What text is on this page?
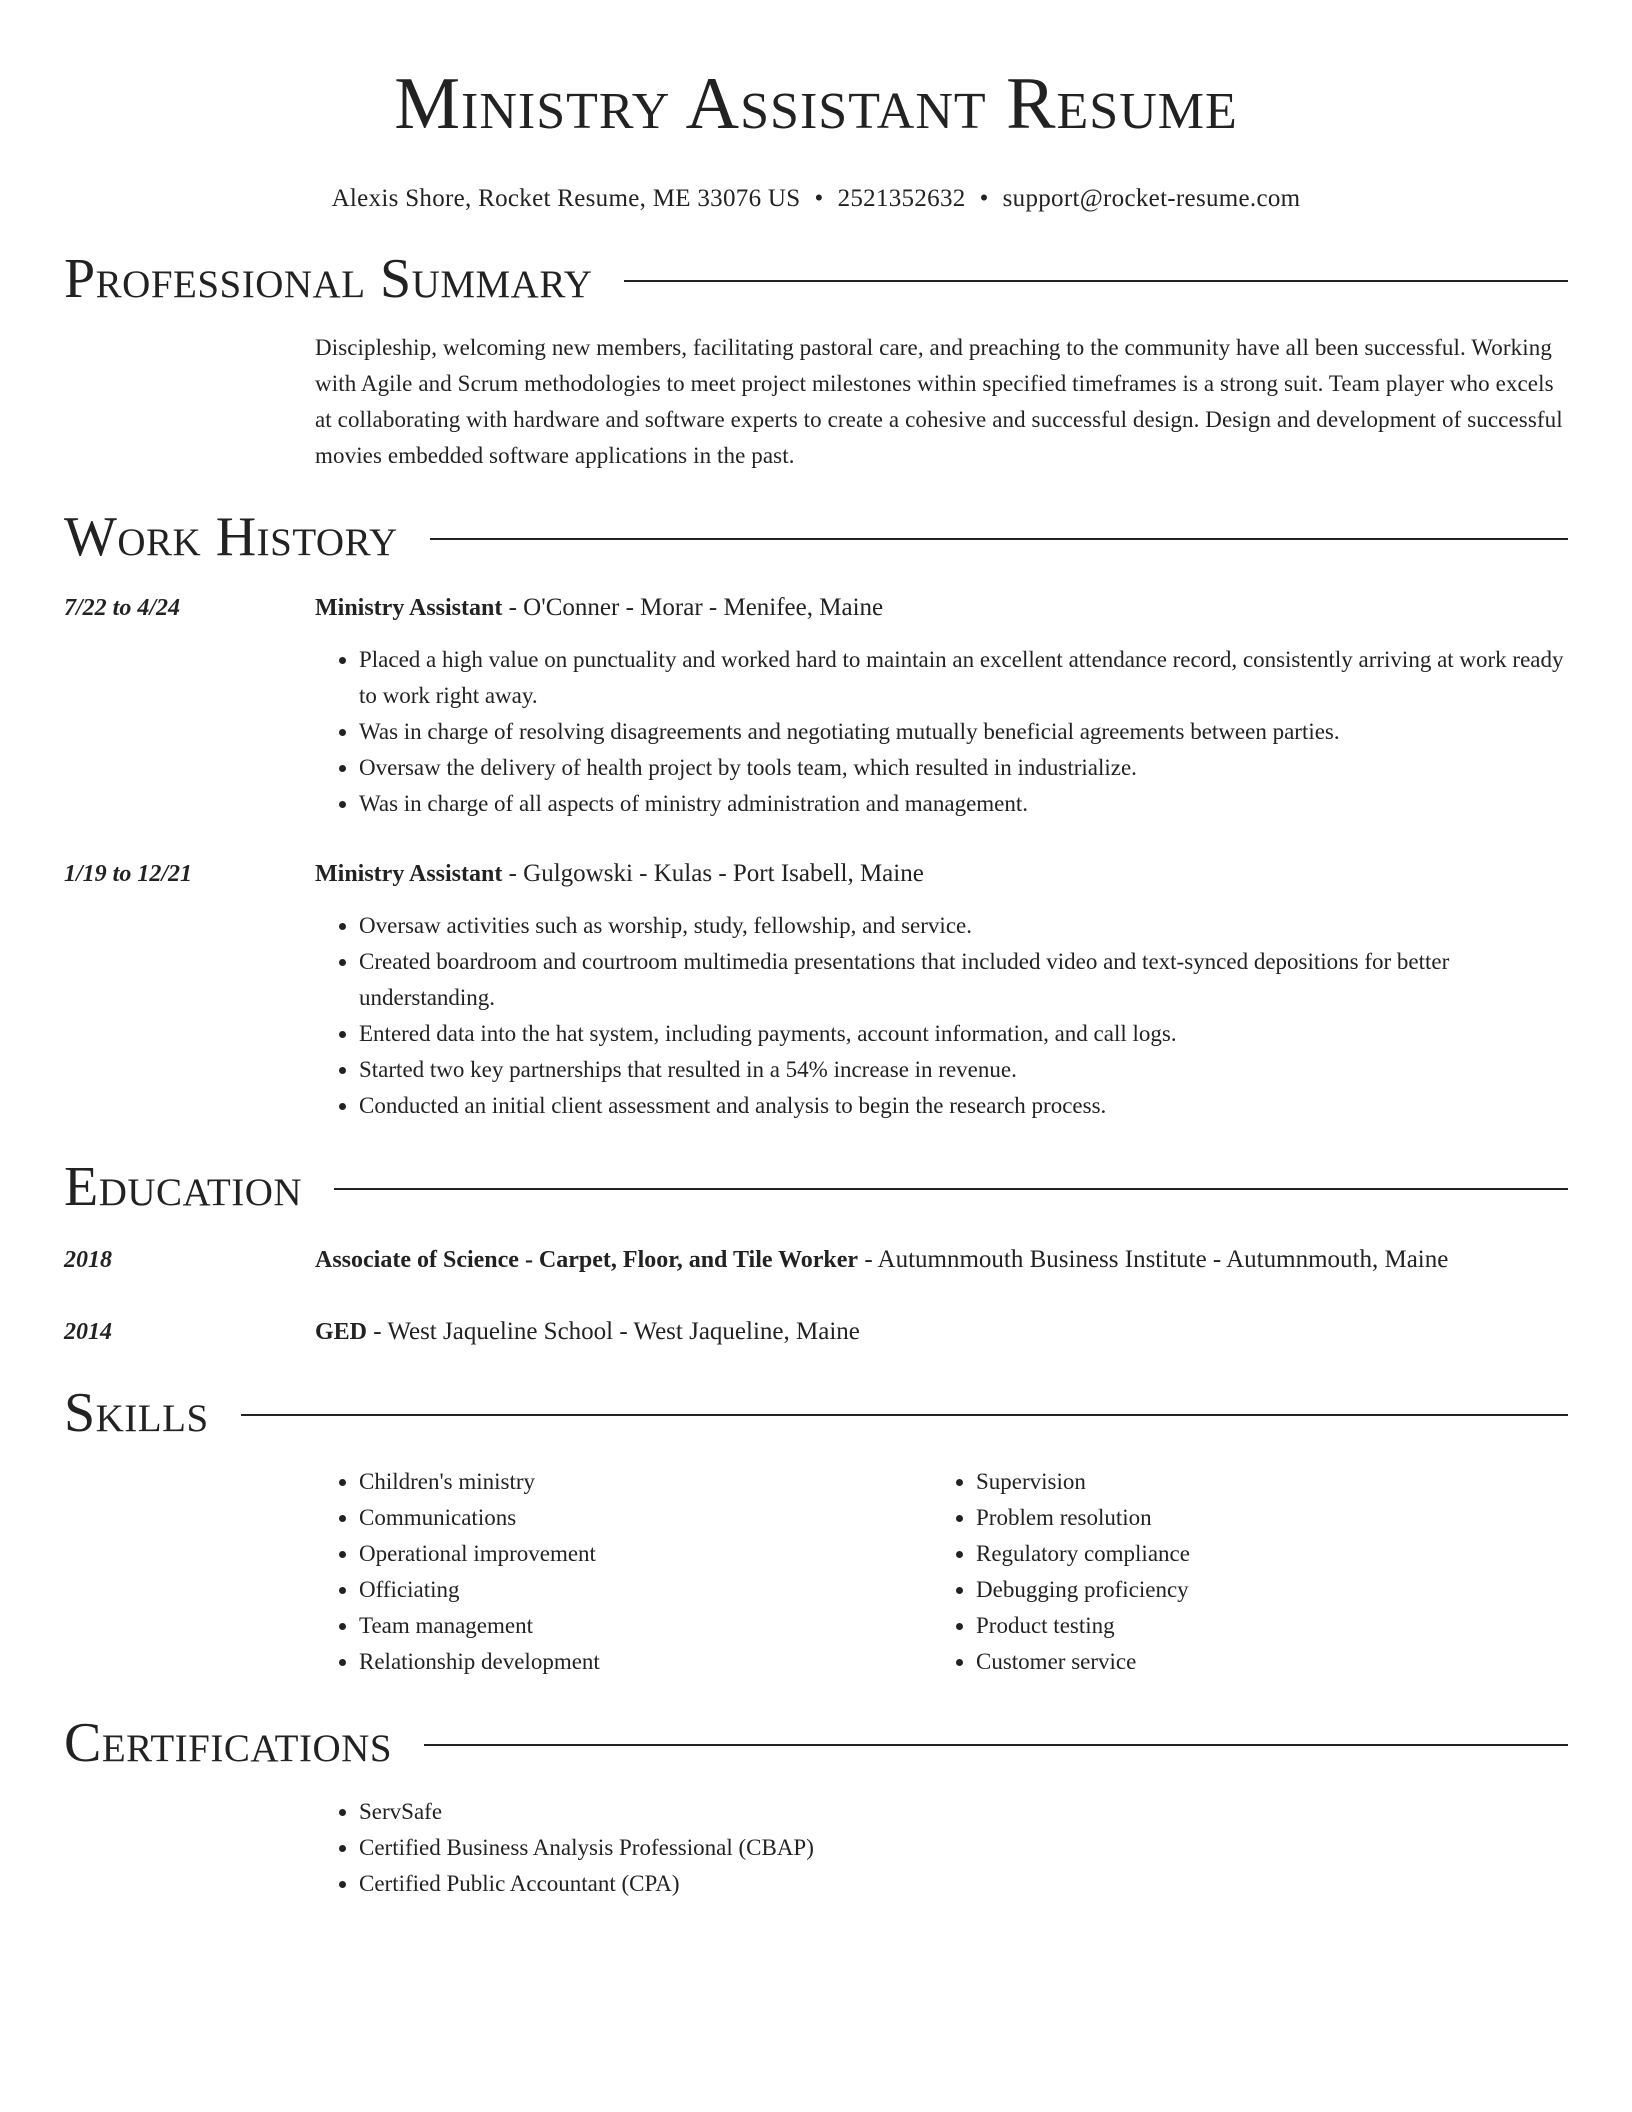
Ministry Assistant Resume
Alexis Shore, Rocket Resume, ME 33076 US • 2521352632 • support@rocket-resume.com
Professional Summary
Discipleship, welcoming new members, facilitating pastoral care, and preaching to the community have all been successful. Working with Agile and Scrum methodologies to meet project milestones within specified timeframes is a strong suit. Team player who excels at collaborating with hardware and software experts to create a cohesive and successful design. Design and development of successful movies embedded software applications in the past.
Work History
7/22 to 4/24	Ministry Assistant - O'Conner - Morar - Menifee, Maine
• Placed a high value on punctuality and worked hard to maintain an excellent attendance record, consistently arriving at work ready to work right away.
• Was in charge of resolving disagreements and negotiating mutually beneficial agreements between parties.
• Oversaw the delivery of health project by tools team, which resulted in industrialize.
• Was in charge of all aspects of ministry administration and management.
1/19 to 12/21	Ministry Assistant - Gulgowski - Kulas - Port Isabell, Maine
• Oversaw activities such as worship, study, fellowship, and service.
• Created boardroom and courtroom multimedia presentations that included video and text-synced depositions for better understanding.
• Entered data into the hat system, including payments, account information, and call logs.
• Started two key partnerships that resulted in a 54% increase in revenue.
• Conducted an initial client assessment and analysis to begin the research process.
Education
2018	Associate of Science - Carpet, Floor, and Tile Worker - Autumnmouth Business Institute - Autumnmouth, Maine
2014	GED - West Jaqueline School - West Jaqueline, Maine
Skills
• Children's ministry
• Communications
• Operational improvement
• Officiating
• Team management
• Relationship development
• Supervision
• Problem resolution
• Regulatory compliance
• Debugging proficiency
• Product testing
• Customer service
Certifications
• ServSafe
• Certified Business Analysis Professional (CBAP)
• Certified Public Accountant (CPA)
